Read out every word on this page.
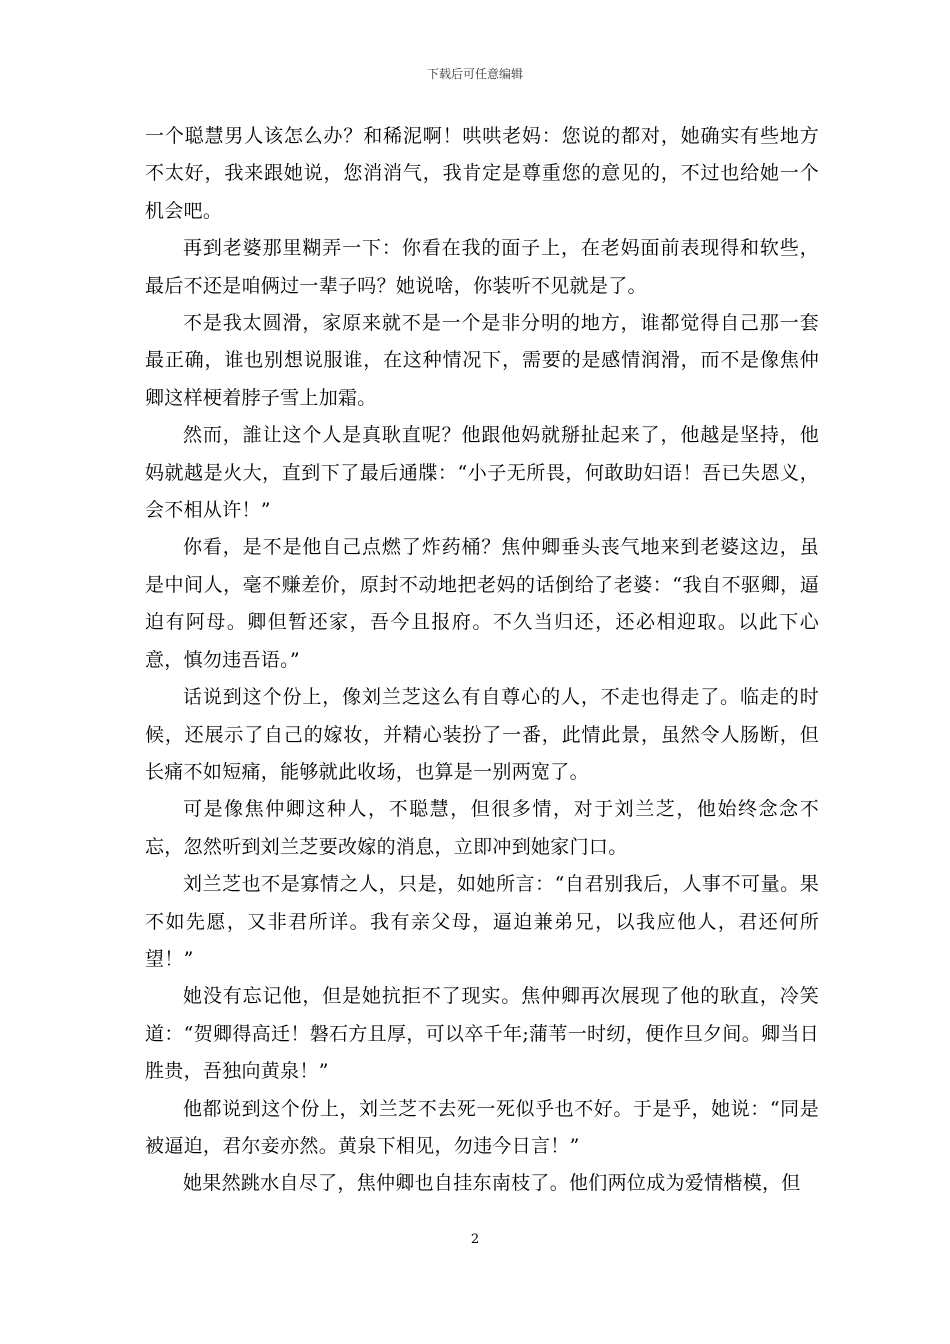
下载后可任意编辑

一个聪慧男人该怎么办？和稀泥啊！哄哄老妈：您说的都对，她确实有些地方不太好，我来跟她说，您消消气，我肯定是尊重您的意见的，不过也给她一个机会吧。

再到老婆那里糊弄一下：你看在我的面子上，在老妈面前表现得和软些，最后不还是咱俩过一辈子吗？她说啥，你装听不见就是了。

不是我太圆滑，家原来就不是一个是非分明的地方，谁都觉得自己那一套最正确，谁也别想说服谁，在这种情况下，需要的是感情润滑，而不是像焦仲卿这样梗着脖子雪上加霜。

然而，誰让这个人是真耿直呢？他跟他妈就掰扯起来了，他越是坚持，他妈就越是火大，直到下了最后通牒：“小子无所畏，何敢助妇语！吾已失恩义，会不相从许！”

你看，是不是他自己点燃了炸药桶？焦仲卿垂头丧气地来到老婆这边，虽是中间人，毫不赚差价，原封不动地把老妈的话倒给了老婆：“我自不驱卿，逼迫有阿母。卿但暂还家，吾今且报府。不久当归还，还必相迎取。以此下心意，慎勿违吾语。”

话说到这个份上，像刘兰芝这么有自尊心的人，不走也得走了。临走的时候，还展示了自己的嫁妆，并精心装扮了一番，此情此景，虽然令人肠断，但长痛不如短痛，能够就此收场，也算是一别两宽了。

可是像焦仲卿这种人，不聪慧，但很多情，对于刘兰芝，他始终念念不忘，忽然听到刘兰芝要改嫁的消息，立即冲到她家门口。

刘兰芝也不是寡情之人，只是，如她所言：“自君别我后，人事不可量。果不如先愿，又非君所详。我有亲父母，逼迫兼弟兄，以我应他人，君还何所望！”

她没有忘记他，但是她抗拒不了现实。焦仲卿再次展现了他的耿直，冷笑道：“贺卿得高迁！磐石方且厚，可以卒千年;蒲苇一时纫，便作旦夕间。卿当日胜贵，吾独向黄泉！”

他都说到这个份上，刘兰芝不去死一死似乎也不好。于是乎，她说：“同是被逼迫，君尔妾亦然。黄泉下相见，勿违今日言！”

她果然跳水自尽了，焦仲卿也自挂东南枝了。他们两位成为爱情楷模，但

2
